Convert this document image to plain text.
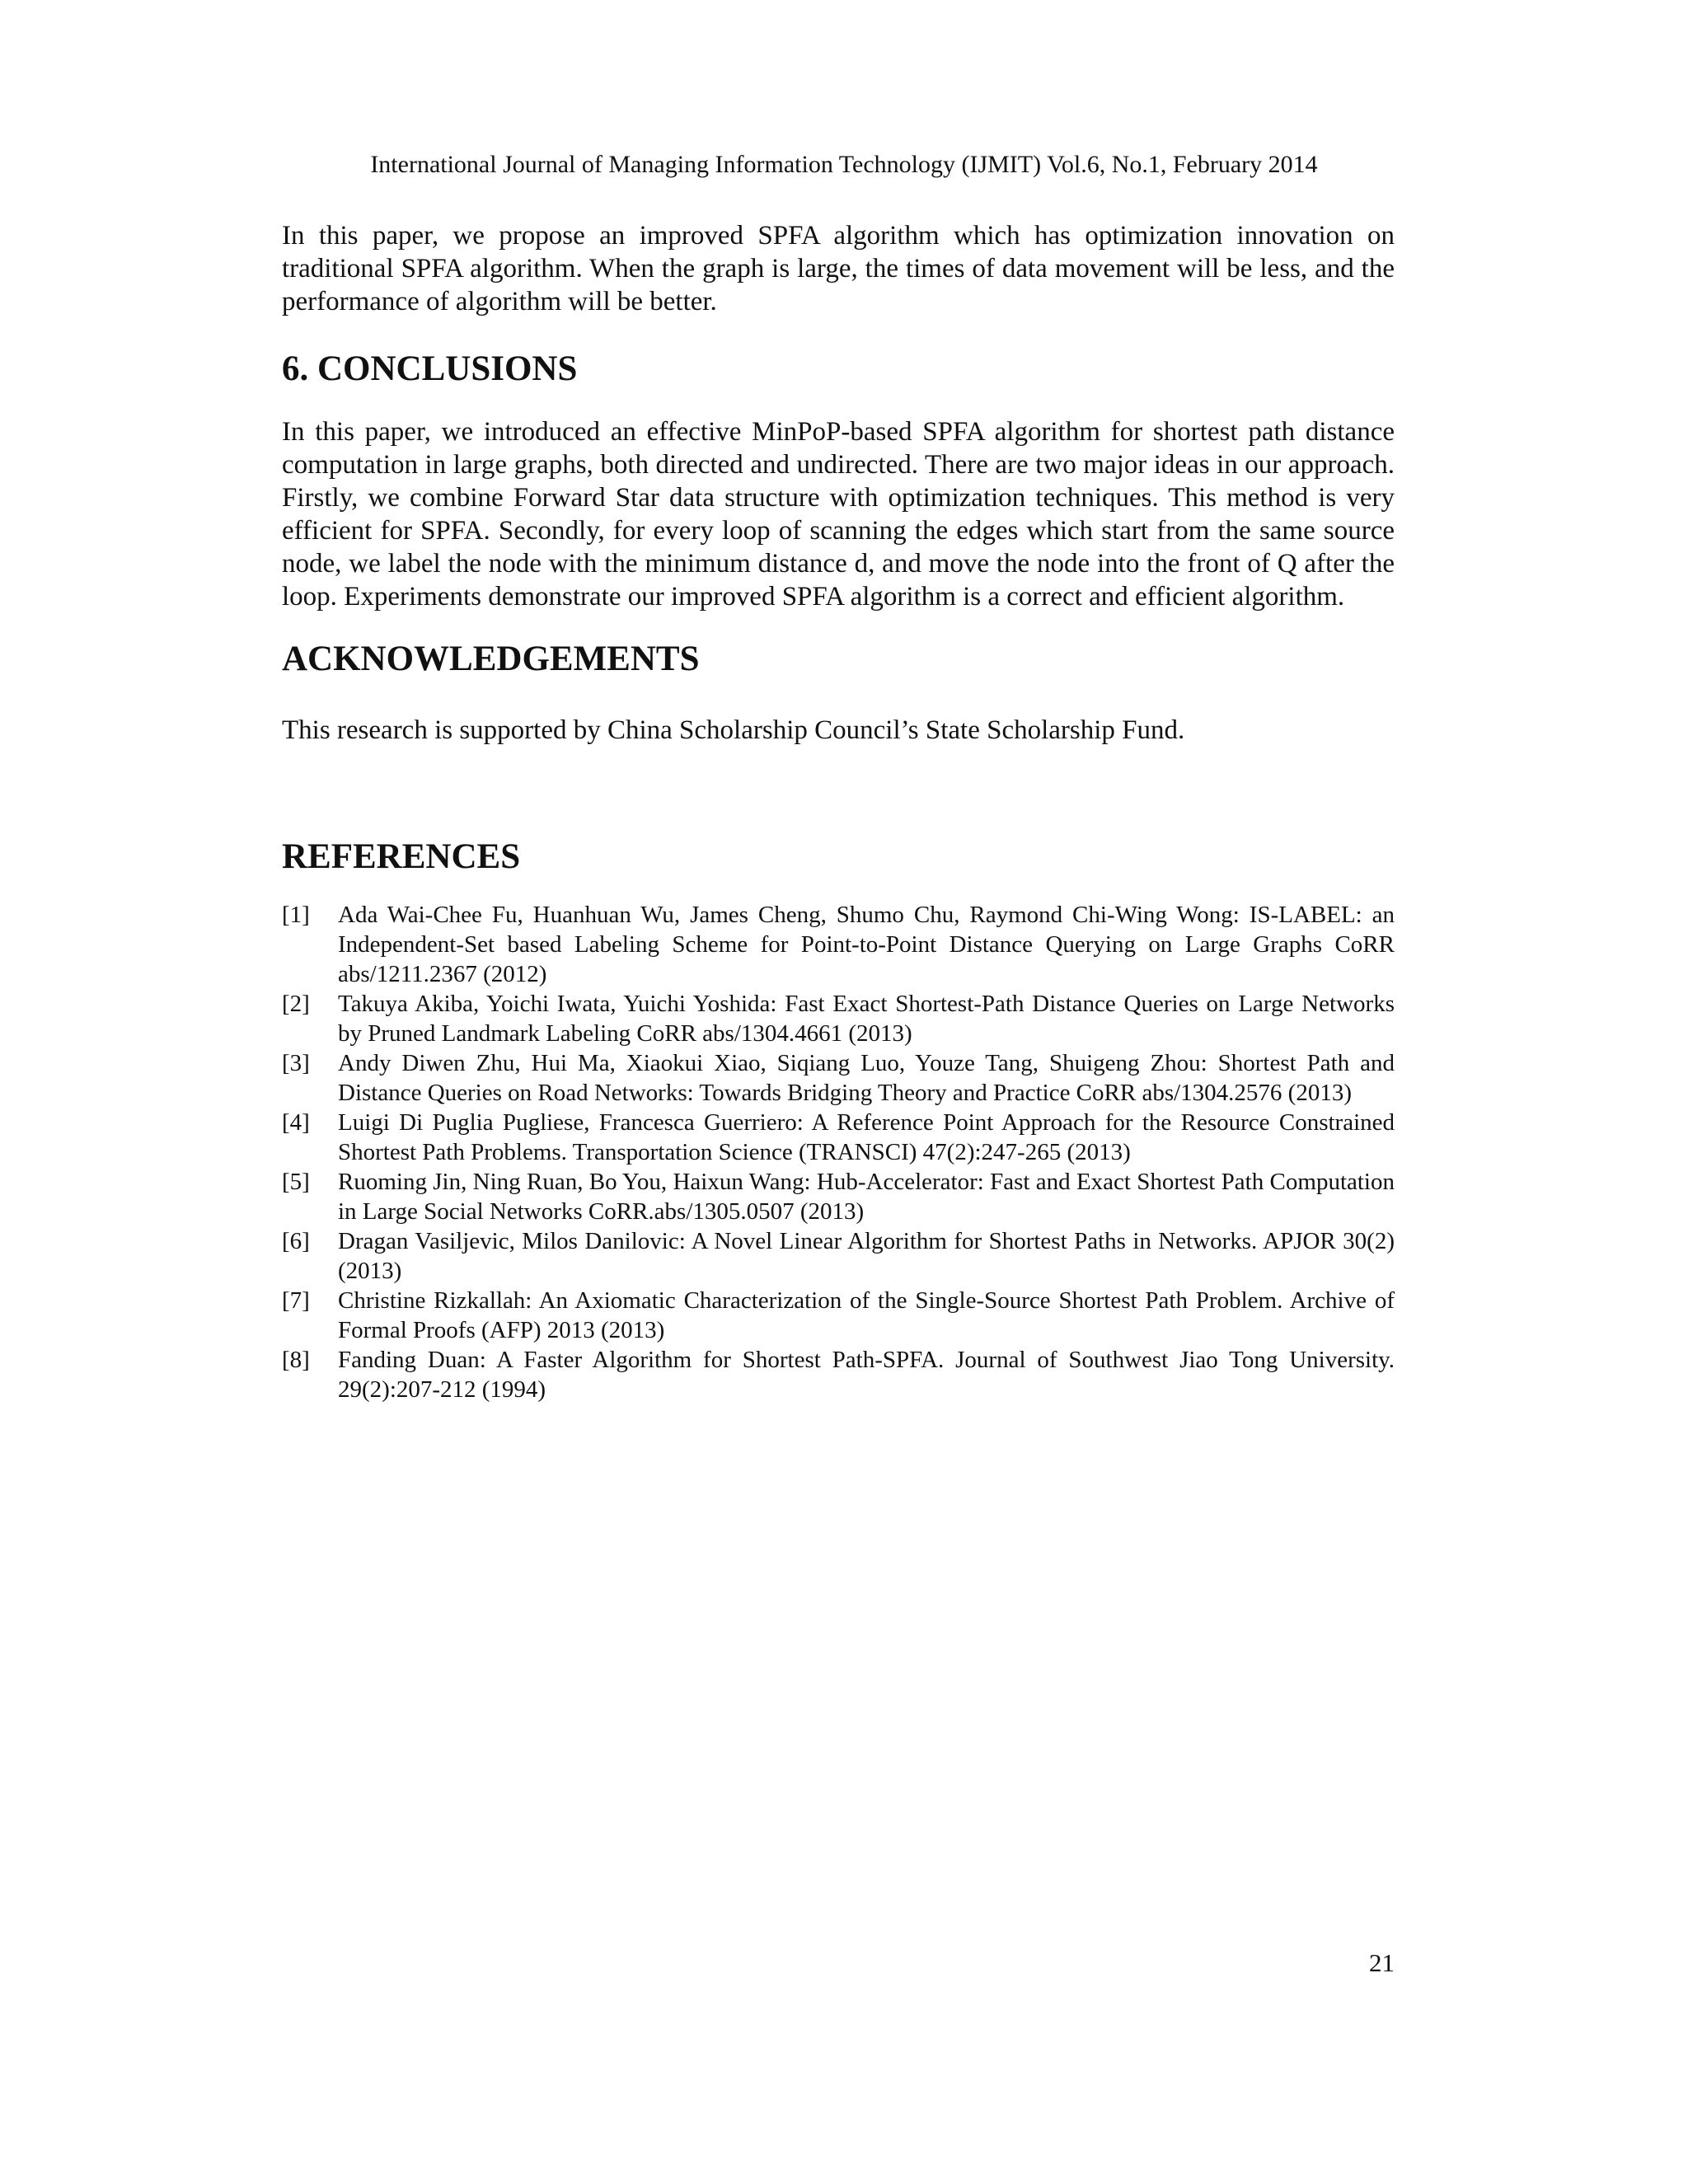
International Journal of Managing Information Technology (IJMIT) Vol.6, No.1, February 2014

In this paper, we propose an improved SPFA algorithm which has optimization innovation on traditional SPFA algorithm. When the graph is large, the times of data movement will be less, and the performance of algorithm will be better.

6. CONCLUSIONS

In this paper, we introduced an effective MinPoP-based SPFA algorithm for shortest path distance computation in large graphs, both directed and undirected. There are two major ideas in our approach. Firstly, we combine Forward Star data structure with optimization techniques. This method is very efficient for SPFA. Secondly, for every loop of scanning the edges which start from the same source node, we label the node with the minimum distance d, and move the node into the front of Q after the loop. Experiments demonstrate our improved SPFA algorithm is a correct and efficient algorithm.

ACKNOWLEDGEMENTS

This research is supported by China Scholarship Council’s State Scholarship Fund.

REFERENCES
[1]	Ada Wai-Chee Fu, Huanhuan Wu, James Cheng, Shumo Chu, Raymond Chi-Wing Wong: IS-LABEL: an Independent-Set based Labeling Scheme for Point-to-Point Distance Querying on Large Graphs CoRR abs/1211.2367 (2012)
[2]	Takuya Akiba, Yoichi Iwata, Yuichi Yoshida: Fast Exact Shortest-Path Distance Queries on Large Networks by Pruned Landmark Labeling CoRR abs/1304.4661 (2013)
[3]	Andy Diwen Zhu, Hui Ma, Xiaokui Xiao, Siqiang Luo, Youze Tang, Shuigeng Zhou: Shortest Path and Distance Queries on Road Networks: Towards Bridging Theory and Practice CoRR abs/1304.2576 (2013)
[4]	Luigi Di Puglia Pugliese, Francesca Guerriero: A Reference Point Approach for the Resource Constrained Shortest Path Problems. Transportation Science (TRANSCI) 47(2):247-265 (2013)
[5]	Ruoming Jin, Ning Ruan, Bo You, Haixun Wang: Hub-Accelerator: Fast and Exact Shortest Path Computation in Large Social Networks CoRR.abs/1305.0507 (2013)
[6]	Dragan Vasiljevic, Milos Danilovic: A Novel Linear Algorithm for Shortest Paths in Networks. APJOR 30(2) (2013)
[7]	Christine Rizkallah: An Axiomatic Characterization of the Single-Source Shortest Path Problem. Archive of Formal Proofs (AFP) 2013 (2013)
[8]	Fanding Duan: A Faster Algorithm for Shortest Path-SPFA. Journal of Southwest Jiao Tong University. 29(2):207-212 (1994)
21
